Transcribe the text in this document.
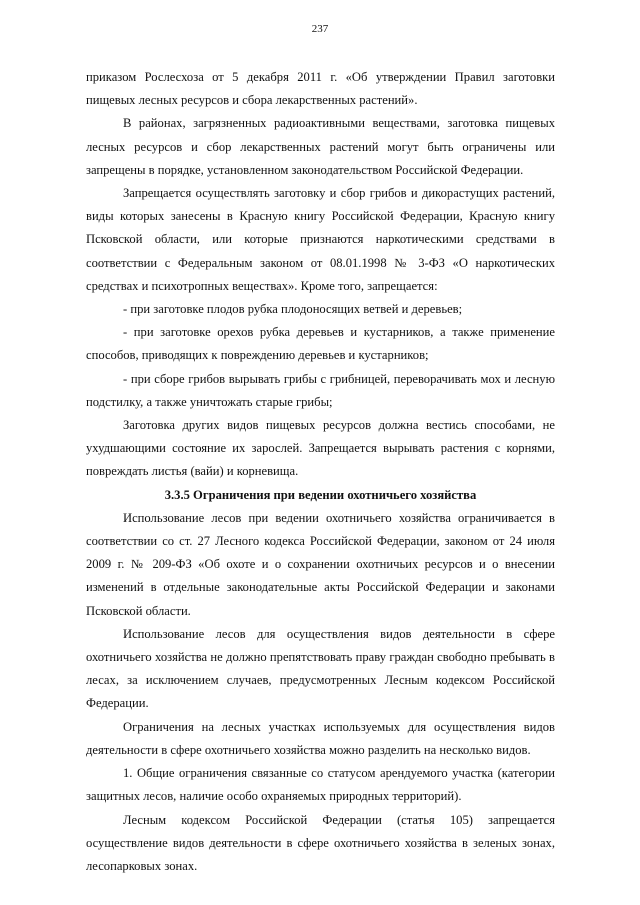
237

приказом Рослесхоза от 5 декабря 2011 г. «Об утверждении Правил заготовки пищевых лесных ресурсов и сбора лекарственных растений».

В районах, загрязненных радиоактивными веществами, заготовка пищевых лесных ресурсов и сбор лекарственных растений могут быть ограничены или запрещены в порядке, установленном законодательством Российской Федерации.

Запрещается осуществлять заготовку и сбор грибов и дикорастущих растений, виды которых занесены в Красную книгу Российской Федерации, Красную книгу Псковской области, или которые признаются наркотическими средствами в соответствии с Федеральным законом от 08.01.1998 № 3-ФЗ «О наркотических средствах и психотропных веществах». Кроме того, запрещается:

- при заготовке плодов рубка плодоносящих ветвей и деревьев;

- при заготовке орехов рубка деревьев и кустарников, а также применение способов, приводящих к повреждению деревьев и кустарников;

- при сборе грибов вырывать грибы с грибницей, переворачивать мох и лесную подстилку, а также уничтожать старые грибы;

Заготовка других видов пищевых ресурсов должна вестись способами, не ухудшающими состояние их зарослей. Запрещается вырывать растения с корнями, повреждать листья (вайи) и корневища.

3.3.5 Ограничения при ведении охотничьего хозяйства

Использование лесов при ведении охотничьего хозяйства ограничивается в соответствии со ст. 27 Лесного кодекса Российской Федерации, законом от 24 июля 2009 г. № 209-ФЗ «Об охоте и о сохранении охотничьих ресурсов и о внесении изменений в отдельные законодательные акты Российской Федерации и законами Псковской области.

Использование лесов для осуществления видов деятельности в сфере охотничьего хозяйства не должно препятствовать праву граждан свободно пребывать в лесах, за исключением случаев, предусмотренных Лесным кодексом Российской Федерации.

Ограничения на лесных участках используемых для осуществления видов деятельности в сфере охотничьего хозяйства можно разделить на несколько видов.

1. Общие ограничения связанные со статусом арендуемого участка (категории защитных лесов, наличие особо охраняемых природных территорий).

Лесным кодексом Российской Федерации (статья 105) запрещается осуществление видов деятельности в сфере охотничьего хозяйства в зеленых зонах, лесопарковых зонах.
